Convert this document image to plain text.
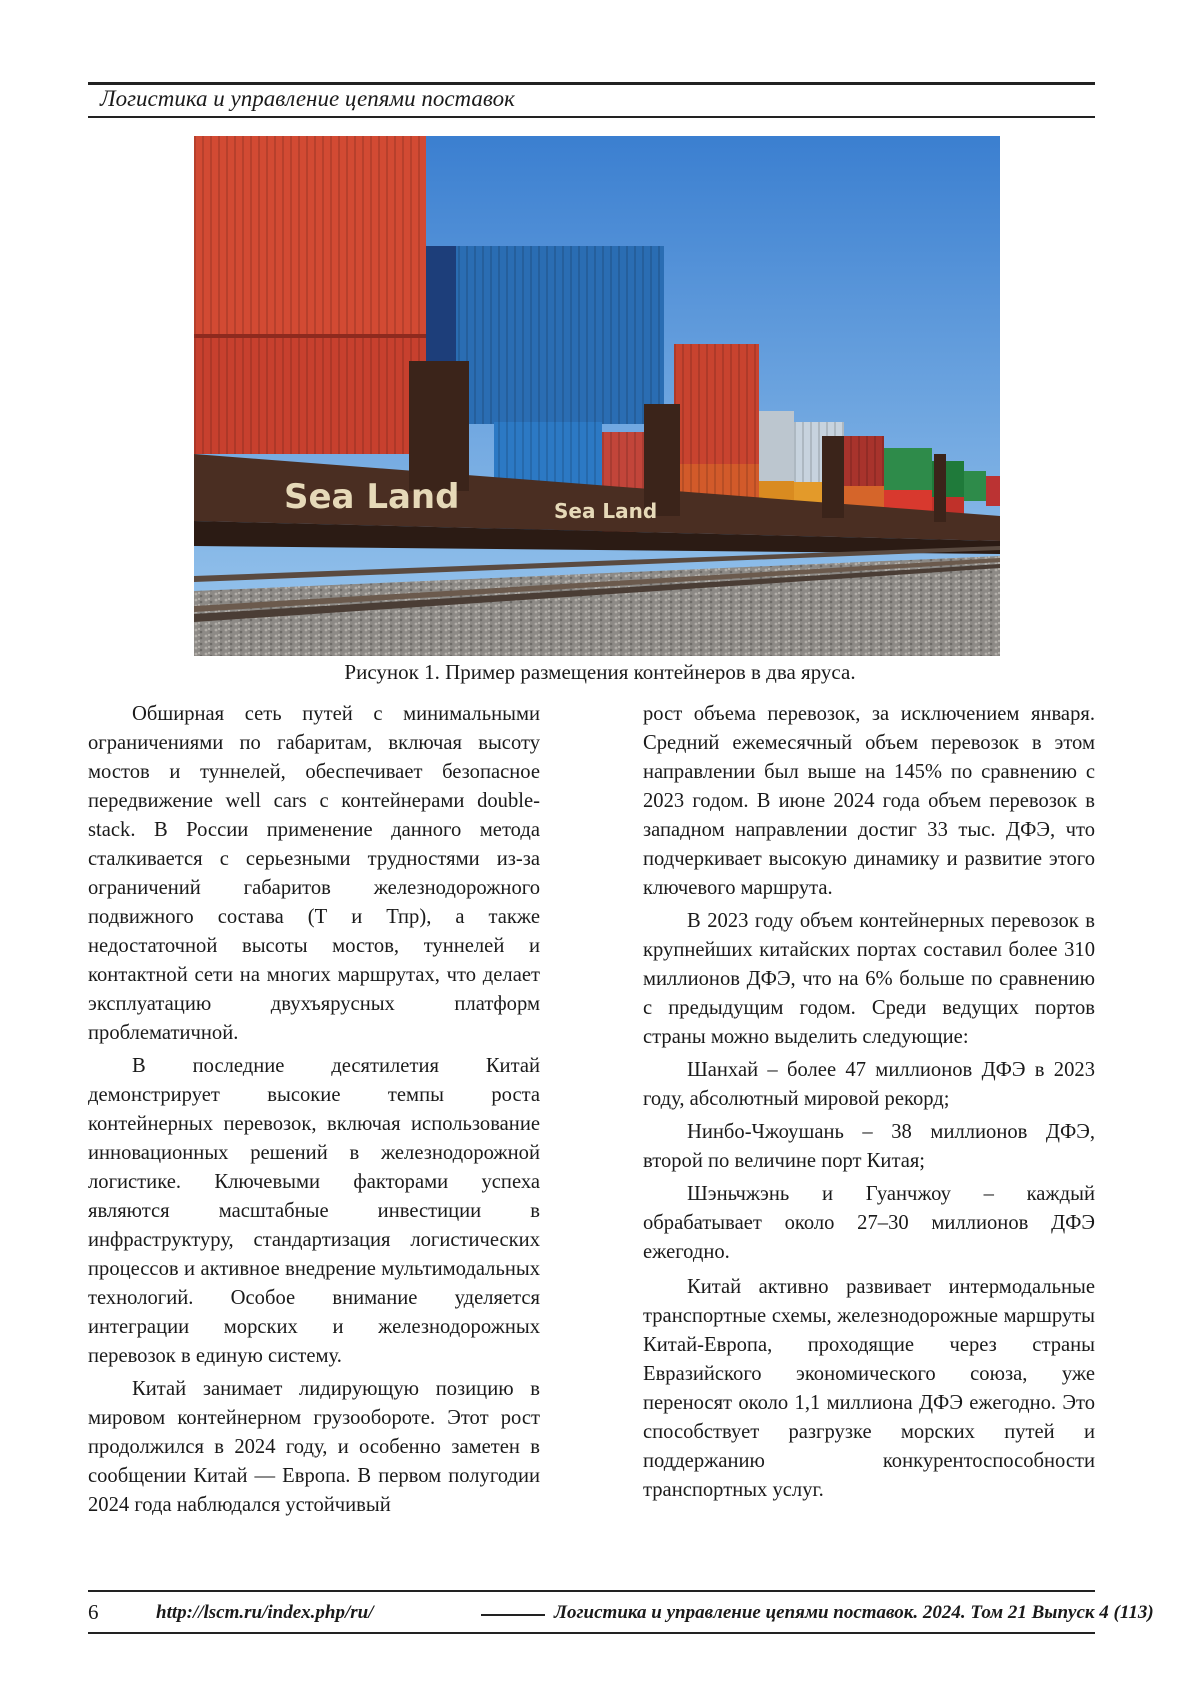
Логистика и управление цепями поставок
Sea Land	Sea Land
Рисунок 1. Пример размещения контейнеров в два яруса.

Обширная сеть путей с минимальными ограничениями по габаритам, включая высоту мостов и туннелей, обеспечивает безопасное передвижение well cars с контейнерами double-stack. В России применение данного метода сталкивается с серьезными трудностями из-за ограничений габаритов железнодорожного подвижного состава (Т и Тпр), а также недостаточной высоты мостов, туннелей и контактной сети на многих маршрутах, что делает эксплуатацию двухъярусных платформ проблематичной.

В последние десятилетия Китай демонстрирует высокие темпы роста контейнерных перевозок, включая использование инновационных решений в железнодорожной логистике. Ключевыми факторами успеха являются масштабные инвестиции в инфраструктуру, стандартизация логистических процессов и активное внедрение мультимодальных технологий. Особое внимание уделяется интеграции морских и железнодорожных перевозок в единую систему.

Китай занимает лидирующую позицию в мировом контейнерном грузообороте. Этот рост продолжился в 2024 году, и особенно заметен в сообщении Китай — Европа. В первом полугодии 2024 года наблюдался устойчивый

рост объема перевозок, за исключением января. Средний ежемесячный объем перевозок в этом направлении был выше на 145% по сравнению с 2023 годом. В июне 2024 года объем перевозок в западном направлении достиг 33 тыс. ДФЭ, что подчеркивает высокую динамику и развитие этого ключевого маршрута.

В 2023 году объем контейнерных перевозок в крупнейших китайских портах составил более 310 миллионов ДФЭ, что на 6% больше по сравнению с предыдущим годом. Среди ведущих портов страны можно выделить следующие:

Шанхай – более 47 миллионов ДФЭ в 2023 году, абсолютный мировой рекорд;

Нинбо-Чжоушань – 38 миллионов ДФЭ, второй по величине порт Китая;

Шэньчжэнь и Гуанчжоу – каждый обрабатывает около 27–30 миллионов ДФЭ ежегодно.

Китай активно развивает интермодальные транспортные схемы, железнодорожные маршруты Китай-Европа, проходящие через страны Евразийского экономического союза, уже переносят около 1,1 миллиона ДФЭ ежегодно. Это способствует разгрузке морских путей и поддержанию конкурентоспособности транспортных услуг.

6	http://lscm.ru/index.php/ru/	Логистика и управление цепями поставок. 2024. Том 21 Выпуск 4 (113)
